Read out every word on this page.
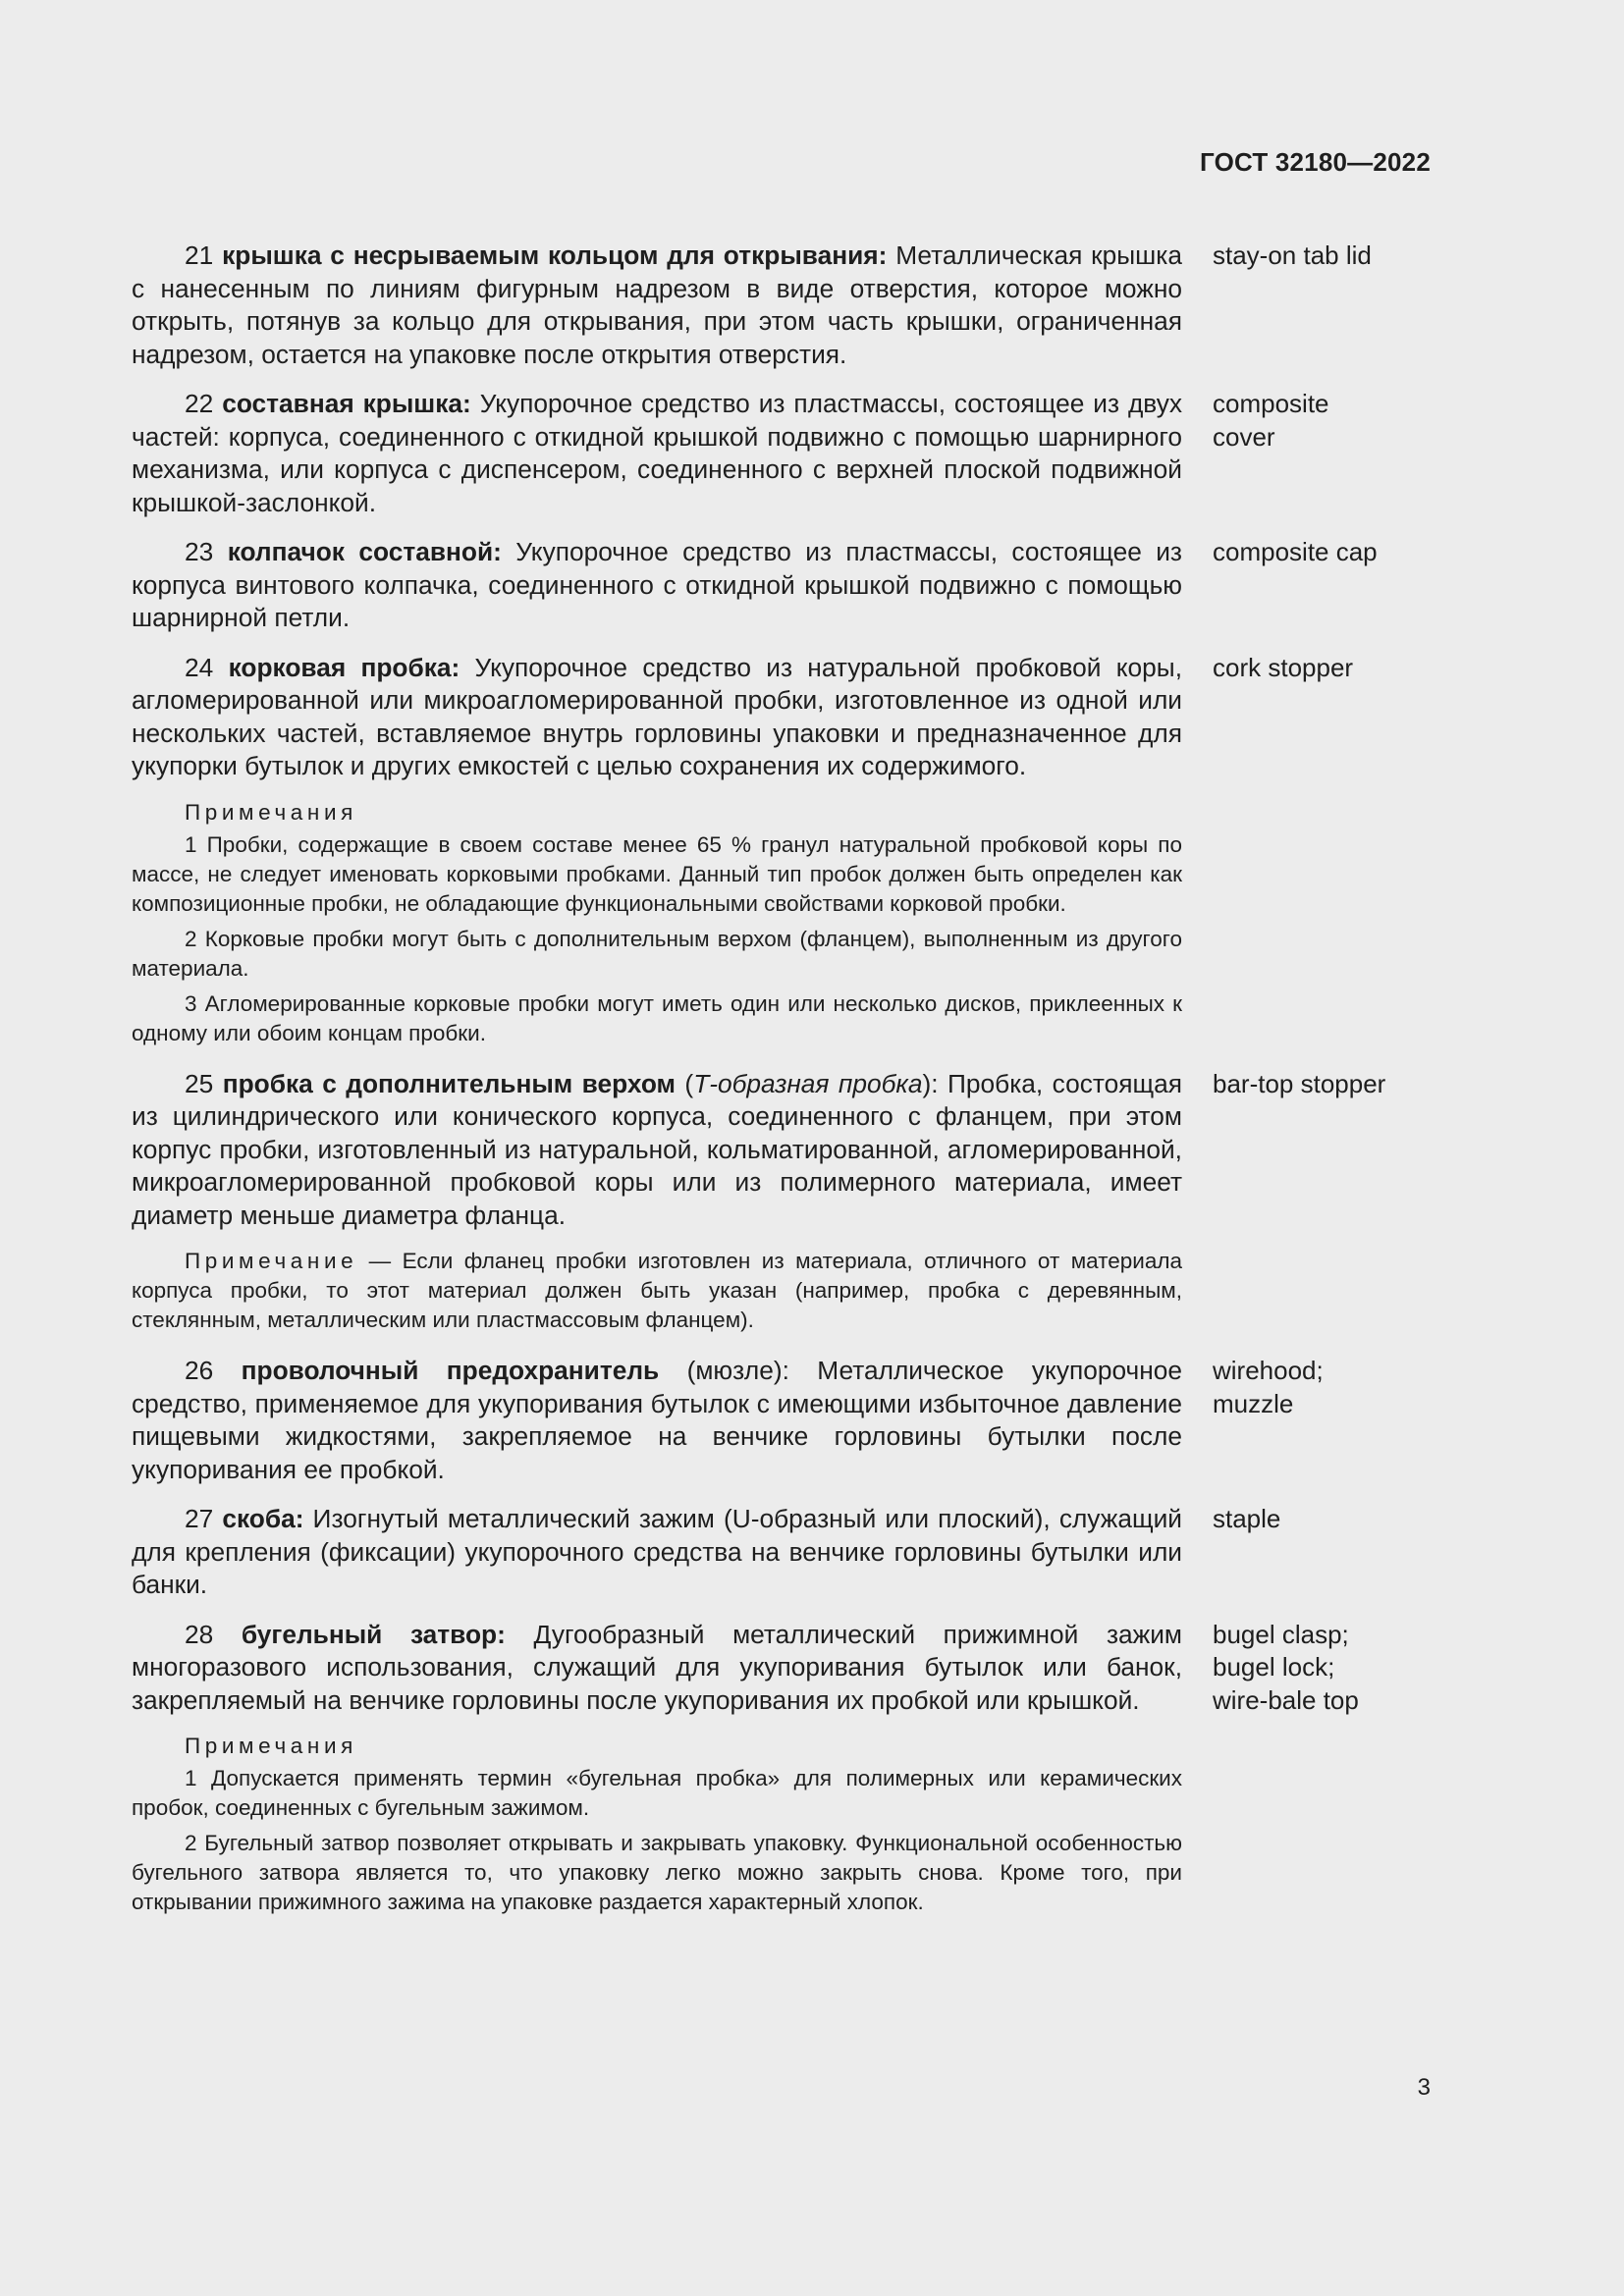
ГОСТ 32180—2022
21 крышка с несрываемым кольцом для открывания: Металлическая крышка с нанесенным по линиям фигурным надрезом в виде отверстия, которое можно открыть, потянув за кольцо для открывания, при этом часть крышки, ограниченная надрезом, остается на упаковке после открытия отверстия.
stay-on tab lid
22 составная крышка: Укупорочное средство из пластмассы, состоящее из двух частей: корпуса, соединенного с откидной крышкой подвижно с помощью шарнирного механизма, или корпуса с диспенсером, соединенного с верхней плоской подвижной крышкой-заслонкой.
composite cover
23 колпачок составной: Укупорочное средство из пластмассы, состоящее из корпуса винтового колпачка, соединенного с откидной крышкой подвижно с помощью шарнирной петли.
composite cap
24 корковая пробка: Укупорочное средство из натуральной пробковой коры, агломерированной или микроагломерированной пробки, изготовленное из одной или нескольких частей, вставляемое внутрь горловины упаковки и предназначенное для укупорки бутылок и других емкостей с целью сохранения их содержимого.
cork stopper
Примечания
1 Пробки, содержащие в своем составе менее 65 % гранул натуральной пробковой коры по массе, не следует именовать корковыми пробками. Данный тип пробок должен быть определен как композиционные пробки, не обладающие функциональными свойствами корковой пробки.
2 Корковые пробки могут быть с дополнительным верхом (фланцем), выполненным из другого материала.
3 Агломерированные корковые пробки могут иметь один или несколько дисков, приклеенных к одному или обоим концам пробки.
25 пробка с дополнительным верхом (Т-образная пробка): Пробка, состоящая из цилиндрического или конического корпуса, соединенного с фланцем, при этом корпус пробки, изготовленный из натуральной, кольматированной, агломерированной, микроагломерированной пробковой коры или из полимерного материала, имеет диаметр меньше диаметра фланца.
bar-top stopper
Примечание — Если фланец пробки изготовлен из материала, отличного от материала корпуса пробки, то этот материал должен быть указан (например, пробка с деревянным, стеклянным, металлическим или пластмассовым фланцем).
26 проволочный предохранитель (мюзле): Металлическое укупорочное средство, применяемое для укупоривания бутылок с имеющими избыточное давление пищевыми жидкостями, закрепляемое на венчике горловины бутылки после укупоривания ее пробкой.
wirehood;
muzzle
27 скоба: Изогнутый металлический зажим (U-образный или плоский), служащий для крепления (фиксации) укупорочного средства на венчике горловины бутылки или банки.
staple
28 бугельный затвор: Дугообразный металлический прижимной зажим многоразового использования, служащий для укупоривания бутылок или банок, закрепляемый на венчике горловины после укупоривания их пробкой или крышкой.
bugel clasp;
bugel lock;
wire-bale top
Примечания
1 Допускается применять термин «бугельная пробка» для полимерных или керамических пробок, соединенных с бугельным зажимом.
2 Бугельный затвор позволяет открывать и закрывать упаковку. Функциональной особенностью бугельного затвора является то, что упаковку легко можно закрыть снова. Кроме того, при открывании прижимного зажима на упаковке раздается характерный хлопок.
3
